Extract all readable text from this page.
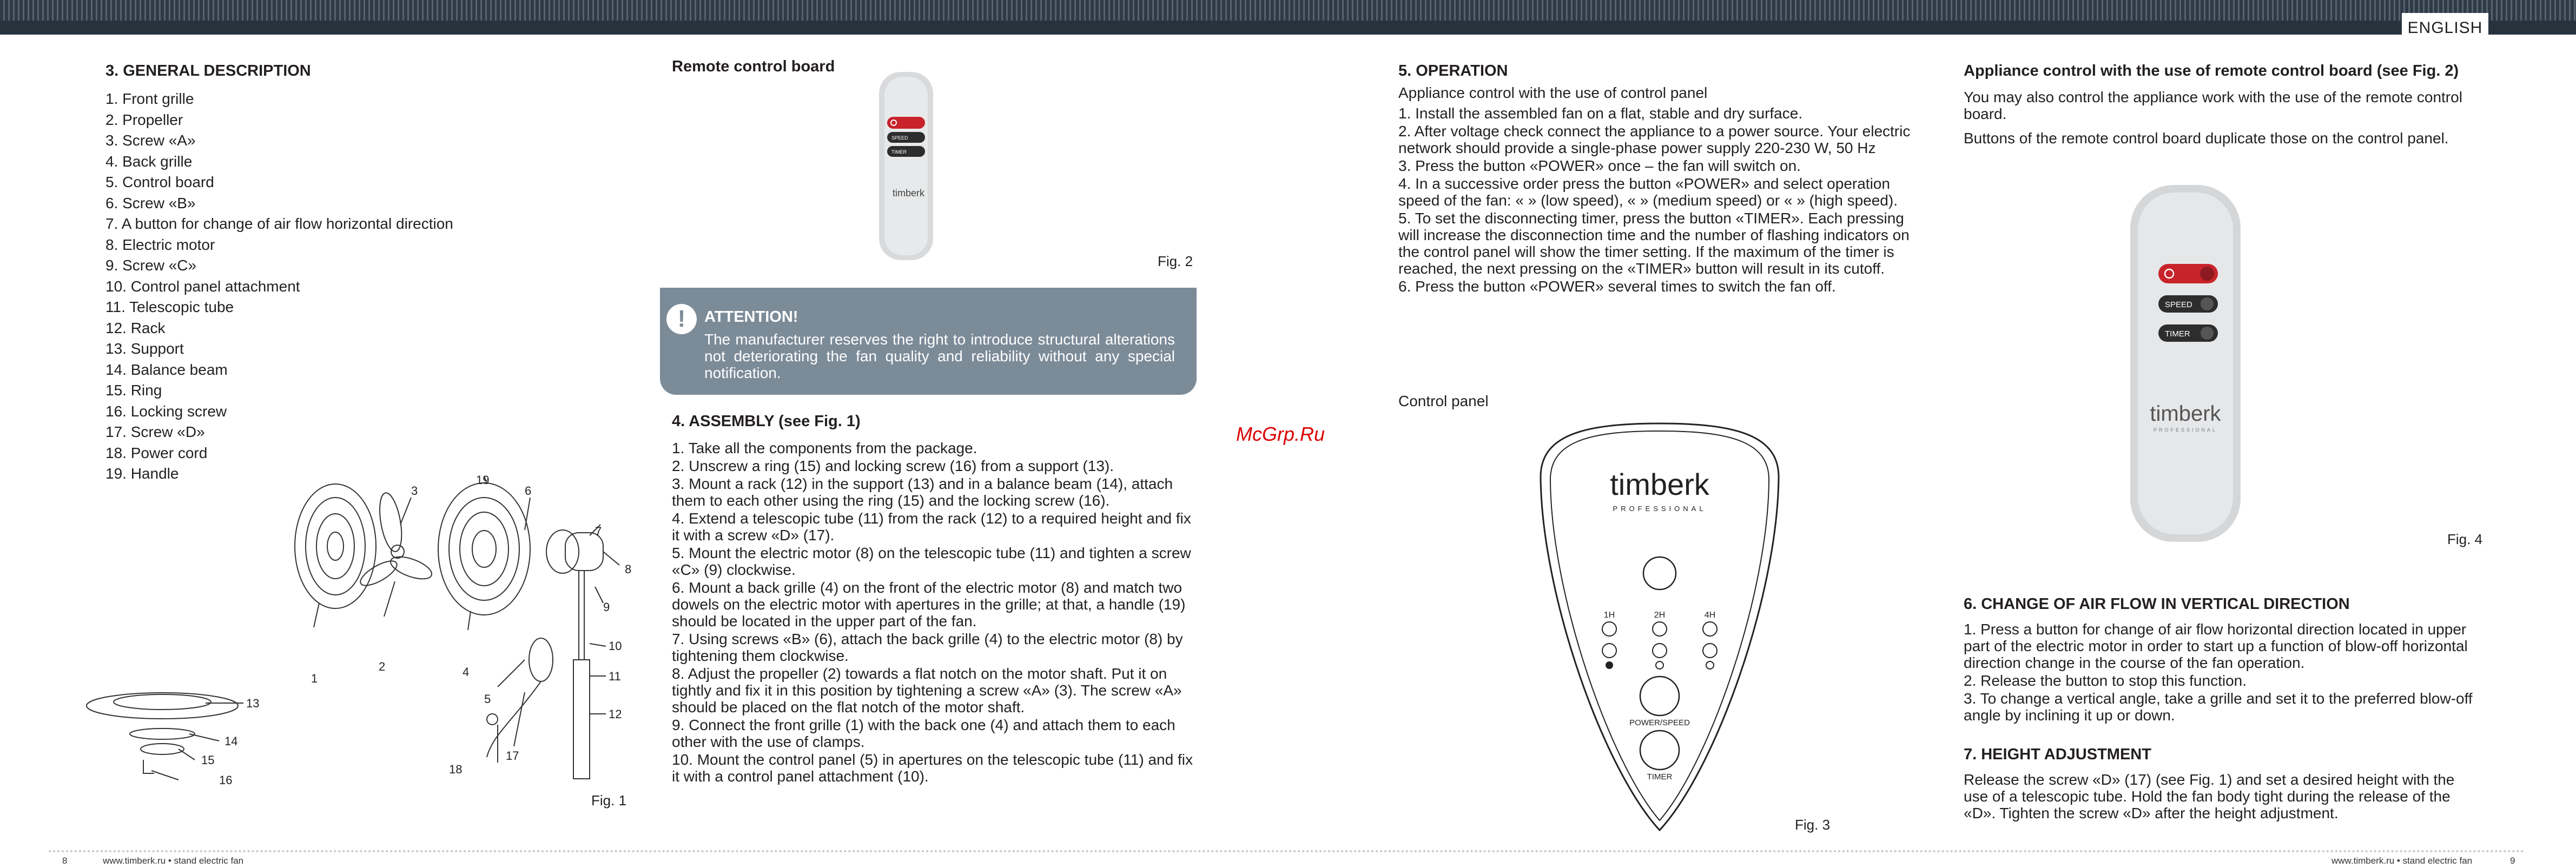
ENGLISH
3. GENERAL DESCRIPTION
1. Front grille
2. Propeller
3. Screw «A»
4. Back grille
5. Control board
6. Screw «B»
7. A button for change of air flow horizontal direction
8. Electric motor
9. Screw «C»
10. Control panel attachment
11. Telescopic tube
12. Rack
13. Support
14. Balance beam
15. Ring
16. Locking screw
17. Screw «D»
18. Power cord
19. Handle
1
2
3
4
5
6
7
8
9
10
11
12
13
14
15
16
17
18
19
Fig. 1
Remote control board
SPEED
TIMER
timberk
Fig. 2
!	ATTENTION!
The manufacturer reserves the right to introduce structural alterations not deteriorating the fan quality and reliability without any special notification.
4. ASSEMBLY (see Fig. 1)
1. Take all the components from the package.
2. Unscrew a ring (15) and locking screw (16) from a support (13).
3. Mount a rack (12) in the support (13) and in a balance beam (14), attach them to each other using the ring (15) and the locking screw (16).
4. Extend a telescopic tube (11) from the rack (12) to a required height and fix it with a screw «D» (17).
5. Mount the electric motor (8) on the telescopic tube (11) and tighten a screw «C» (9) clockwise.
6. Mount a back grille (4) on the front of the electric motor (8) and match two dowels on the electric motor with apertures in the grille; at that, a handle (19) should be located in the upper part of the fan.
7. Using screws «B» (6), attach the back grille (4) to the electric motor (8) by tightening them clockwise.
8. Adjust the propeller (2) towards a flat notch on the motor shaft. Put it on tightly and fix it in this position by tightening a screw «A» (3). The screw «A» should be placed on the flat notch of the motor shaft.
9. Connect the front grille (1) with the back one (4) and attach them to each other with the use of clamps.
10. Mount the control panel (5) in apertures on the telescopic tube (11) and fix it with a control panel attachment (10).
McGrp.Ru
5. OPERATION
Appliance control with the use of control panel
1. Install the assembled fan on a flat, stable and dry surface.
2. After voltage check connect the appliance to a power source. Your electric network should provide a single-phase power supply 220-230 W, 50 Hz
3. Press the button «POWER» once – the fan will switch on.
4. In a successive order press the button «POWER» and select operation speed of the fan: « » (low speed), « » (medium speed) or « » (high speed).
5. To set the disconnecting timer, press the button «TIMER». Each pressing will increase the disconnection time and the number of flashing indicators on the control panel will show the timer setting. If the maximum of the timer is reached, the next pressing on the «TIMER» button will result in its cutoff.
6. Press the button «POWER» several times to switch the fan off.
Control panel
timberk
PROFESSIONAL
1H	2H	4H
POWER/SPEED
TIMER
Fig. 3
Appliance control with the use of remote control board (see Fig. 2)
You may also control the appliance work with the use of the remote control board.
Buttons of the remote control board duplicate those on the control panel.
SPEED
TIMER
timberk
PROFESSIONAL
Fig. 4
6. CHANGE OF AIR FLOW IN VERTICAL DIRECTION
1. Press a button for change of air flow horizontal direction located in upper part of the electric motor in order to start up a function of blow-off horizontal direction change in the course of the fan operation.
2. Release the button to stop this function.
3. To change a vertical angle, take a grille and set it to the preferred blow-off angle by inclining it up or down.
7. HEIGHT ADJUSTMENT
Release the screw «D» (17) (see Fig. 1) and set a desired height with the use of a telescopic tube. Hold the fan body tight during the release of the «D». Tighten the screw «D» after the height adjustment.
8	www.timberk.ru • stand electric fan	www.timberk.ru • stand electric fan	9
